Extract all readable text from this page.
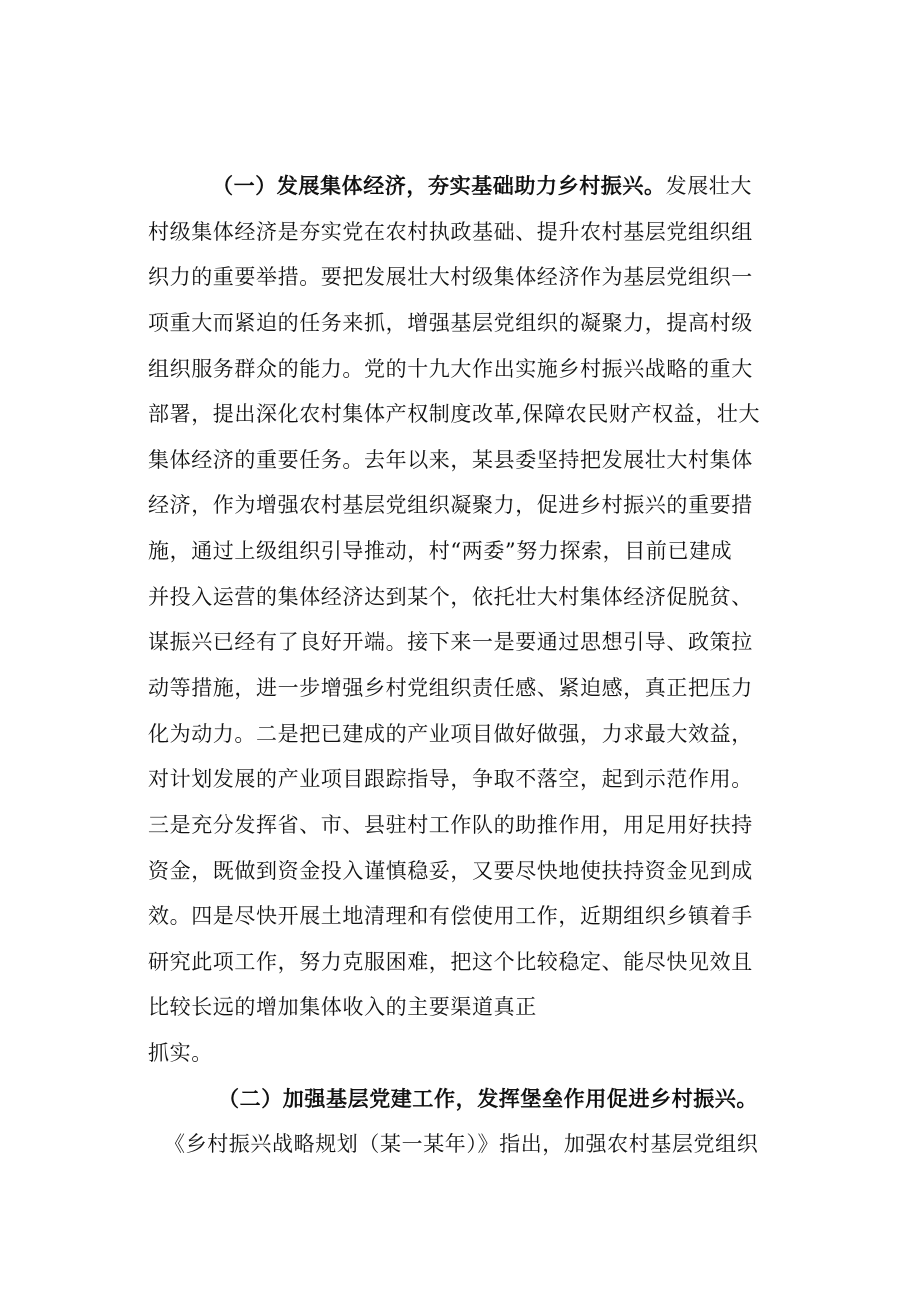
（一）发展集体经济，夯实基础助力乡村振兴。发展壮大
村级集体经济是夯实党在农村执政基础、提升农村基层党组织组
织力的重要举措。要把发展壮大村级集体经济作为基层党组织一
项重大而紧迫的任务来抓，增强基层党组织的凝聚力，提高村级
组织服务群众的能力。党的十九大作出实施乡村振兴战略的重大
部署，提出深化农村集体产权制度改革,保障农民财产权益，壮大
集体经济的重要任务。去年以来，某县委坚持把发展壮大村集体
经济，作为增强农村基层党组织凝聚力，促进乡村振兴的重要措
施，通过上级组织引导推动，村“两委”努力探索，目前已建成
并投入运营的集体经济达到某个，依托壮大村集体经济促脱贫、
谋振兴已经有了良好开端。接下来一是要通过思想引导、政策拉
动等措施，进一步增强乡村党组织责任感、紧迫感，真正把压力
化为动力。二是把已建成的产业项目做好做强，力求最大效益，
对计划发展的产业项目跟踪指导，争取不落空，起到示范作用。
三是充分发挥省、市、县驻村工作队的助推作用，用足用好扶持
资金，既做到资金投入谨慎稳妥，又要尽快地使扶持资金见到成
效。四是尽快开展土地清理和有偿使用工作，近期组织乡镇着手
研究此项工作，努力克服困难，把这个比较稳定、能尽快见效且
比较长远的增加集体收入的主要渠道真正
抓实。
（二）加强基层党建工作，发挥堡垒作用促进乡村振兴。
《乡村振兴战略规划（某一某年）》指出，加强农村基层党组织
